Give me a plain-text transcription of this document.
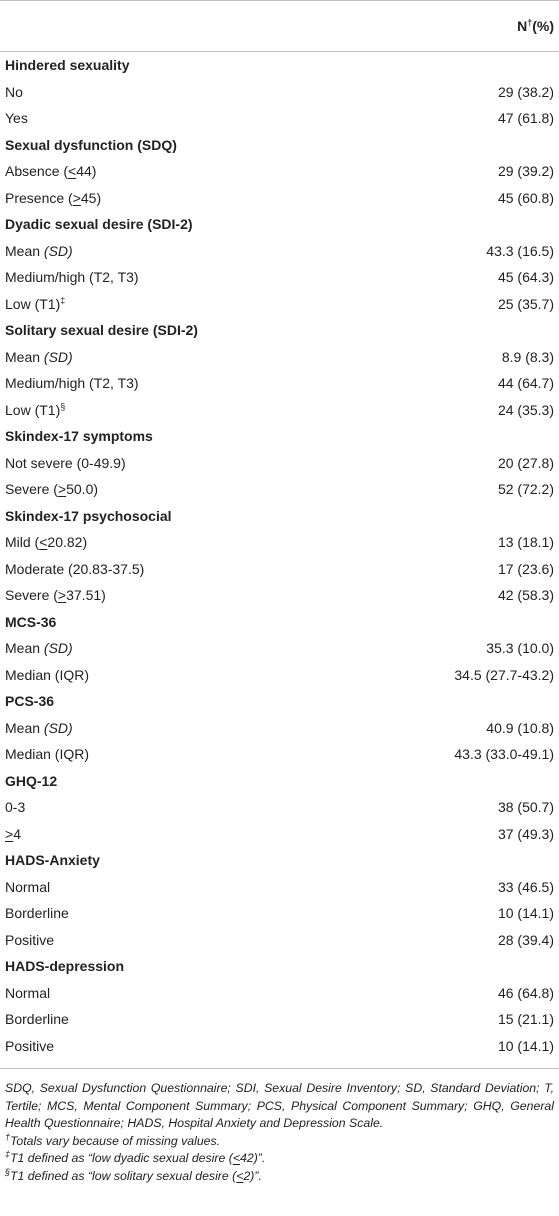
	N†(%)
Hindered sexuality	
No	29 (38.2)
Yes	47 (61.8)
Sexual dysfunction (SDQ)	
Absence (<44)	29 (39.2)
Presence (>45)	45 (60.8)
Dyadic sexual desire (SDI-2)	
Mean (SD)	43.3 (16.5)
Medium/high (T2, T3)	45 (64.3)
Low (T1)‡	25 (35.7)
Solitary sexual desire (SDI-2)	
Mean (SD)	8.9 (8.3)
Medium/high (T2, T3)	44 (64.7)
Low (T1)§	24 (35.3)
Skindex-17 symptoms	
Not severe (0-49.9)	20 (27.8)
Severe (>50.0)	52 (72.2)
Skindex-17 psychosocial	
Mild (<20.82)	13 (18.1)
Moderate (20.83-37.5)	17 (23.6)
Severe (>37.51)	42 (58.3)
MCS-36	
Mean (SD)	35.3 (10.0)
Median (IQR)	34.5 (27.7-43.2)
PCS-36	
Mean (SD)	40.9 (10.8)
Median (IQR)	43.3 (33.0-49.1)
GHQ-12	
0-3	38 (50.7)
>4	37 (49.3)
HADS-Anxiety	
Normal	33 (46.5)
Borderline	10 (14.1)
Positive	28 (39.4)
HADS-depression	
Normal	46 (64.8)
Borderline	15 (21.1)
Positive	10 (14.1)

SDQ, Sexual Dysfunction Questionnaire; SDI, Sexual Desire Inventory; SD, Standard Deviation; T, Tertile; MCS, Mental Component Summary; PCS, Physical Component Summary; GHQ, General Health Questionnaire; HADS, Hospital Anxiety and Depression Scale.

†Totals vary because of missing values.

‡T1 defined as “low dyadic sexual desire (<42)”.

§T1 defined as “low solitary sexual desire (<2)”.
